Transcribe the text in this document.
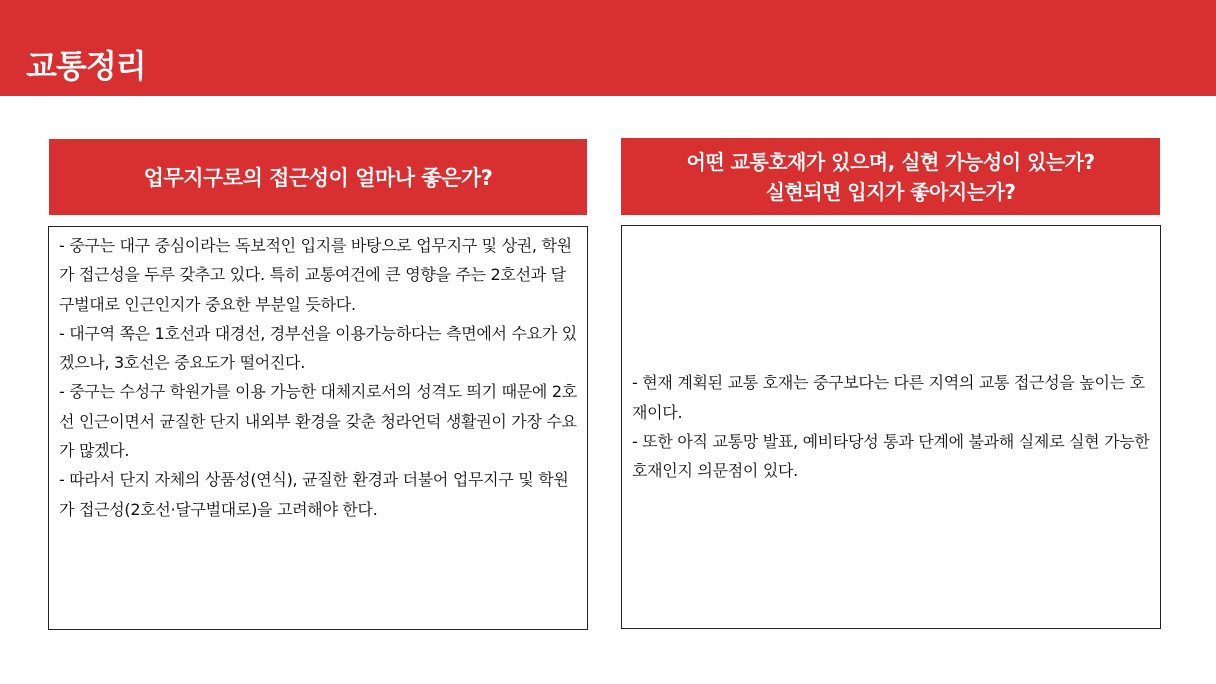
교통정리
업무지구로의 접근성이 얼마나 좋은가?
- 중구는 대구 중심이라는 독보적인 입지를 바탕으로 업무지구 및 상권, 학원가 접근성을 두루 갖추고 있다. 특히 교통여건에 큰 영향을 주는 2호선과 달구벌대로 인근인지가 중요한 부분일 듯하다.
- 대구역 쪽은 1호선과 대경선, 경부선을 이용가능하다는 측면에서 수요가 있겠으나, 3호선은 중요도가 떨어진다.
- 중구는 수성구 학원가를 이용 가능한 대체지로서의 성격도 띄기 때문에 2호선 인근이면서 균질한 단지 내외부 환경을 갖춘 청라언덕 생활권이 가장 수요가 많겠다.
- 따라서 단지 자체의 상품성(연식), 균질한 환경과 더불어 업무지구 및 학원가 접근성(2호선·달구벌대로)을 고려해야 한다.
어떤 교통호재가 있으며, 실현 가능성이 있는가?
실현되면 입지가 좋아지는가?
- 현재 계획된 교통 호재는 중구보다는 다른 지역의 교통 접근성을 높이는 호재이다.
- 또한 아직 교통망 발표, 예비타당성 통과 단계에 불과해 실제로 실현 가능한 호재인지 의문점이 있다.
